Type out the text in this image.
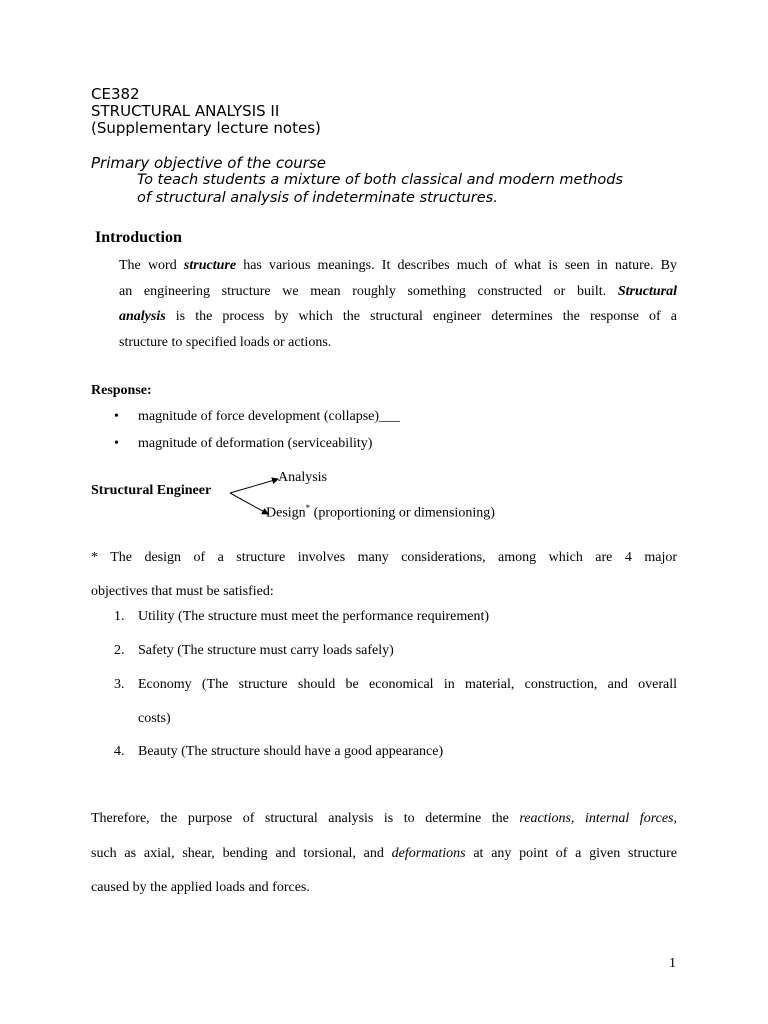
CE382
STRUCTURAL ANALYSIS II
(Supplementary lecture notes)
Primary objective of the course
To teach students a mixture of both classical and modern methods
of structural analysis of indeterminate structures.
Introduction
The word structure has various meanings. It describes much of what is seen in nature. By
an engineering structure we mean roughly something constructed or built. Structural
analysis is the process by which the structural engineer determines the response of a
structure to specified loads or actions.
Response:
• magnitude of force development (collapse)___
• magnitude of deformation (serviceability)
Structural Engineer
Analysis
Design* (proportioning or dimensioning)
* The design of a structure involves many considerations, among which are 4 major
objectives that must be satisfied:
1. Utility (The structure must meet the performance requirement)
2. Safety (The structure must carry loads safely)
3. Economy (The structure should be economical in material, construction, and overall
costs)
4. Beauty (The structure should have a good appearance)
Therefore, the purpose of structural analysis is to determine the reactions, internal forces,
such as axial, shear, bending and torsional, and deformations at any point of a given structure
caused by the applied loads and forces.
1
